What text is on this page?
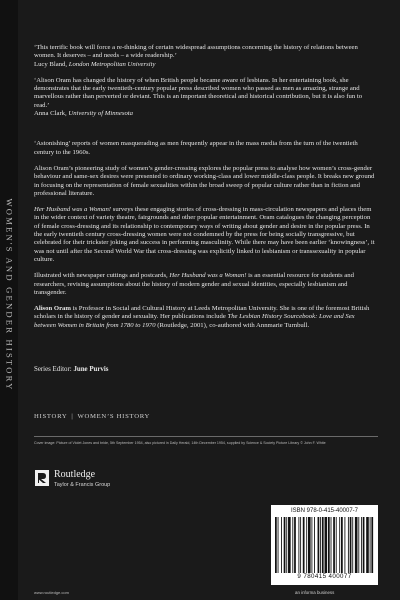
WOMEN'S AND GENDER HISTORY
‘This terrific book will force a re-thinking of certain widespread assumptions concerning the history of relations between women. It deserves – and needs – a wide readership.’
Lucy Bland, London Metropolitan University
‘Alison Oram has changed the history of when British people became aware of lesbians. In her entertaining book, she demonstrates that the early twentieth-century popular press described women who passed as men as amazing, strange and marvellous rather than perverted or deviant. This is an important theoretical and historical contribution, but it is also fun to read.’
Anna Clark, University of Minnesota
‘Astonishing’ reports of women masquerading as men frequently appear in the mass media from the turn of the twentieth century to the 1960s.
Alison Oram’s pioneering study of women’s gender-crossing explores the popular press to analyse how women’s cross-gender behaviour and same-sex desires were presented to ordinary working-class and lower middle-class people. It breaks new ground in focusing on the representation of female sexualities within the broad sweep of popular culture rather than in fiction and professional literature.
Her Husband was a Woman! surveys these engaging stories of cross-dressing in mass-circulation newspapers and places them in the wider context of variety theatre, fairgrounds and other popular entertainment. Oram catalogues the changing perception of female cross-dressing and its relationship to contemporary ways of writing about gender and desire in the popular press. In the early twentieth century cross-dressing women were not condemned by the press for being socially transgressive, but celebrated for their trickster joking and success in performing masculinity. While there may have been earlier ‘knowingness’, it was not until after the Second World War that cross-dressing was explicitly linked to lesbianism or transsexuality in popular culture.
Illustrated with newspaper cuttings and postcards, Her Husband was a Woman! is an essential resource for students and researchers, revising assumptions about the history of modern gender and sexual identities, especially lesbianism and transgender.
Alison Oram is Professor in Social and Cultural History at Leeds Metropolitan University. She is one of the foremost British scholars in the history of gender and sexuality. Her publications include The Lesbian History Sourcebook: Love and Sex between Women in Britain from 1780 to 1970 (Routledge, 2001), co-authored with Annmarie Turnbull.
Series Editor: June Purvis
HISTORY | WOMEN’S HISTORY
Cover image: Picture of Violet Jones and bride, 5th September 1954, also pictured in Daily Herald, 14th December 1954, supplied by Science & Society Picture Library © John F. White
Routledge
Taylor & Francis Group
www.routledge.com
ISBN 978-0-415-40007-7
9 780415 400077
an informa business
